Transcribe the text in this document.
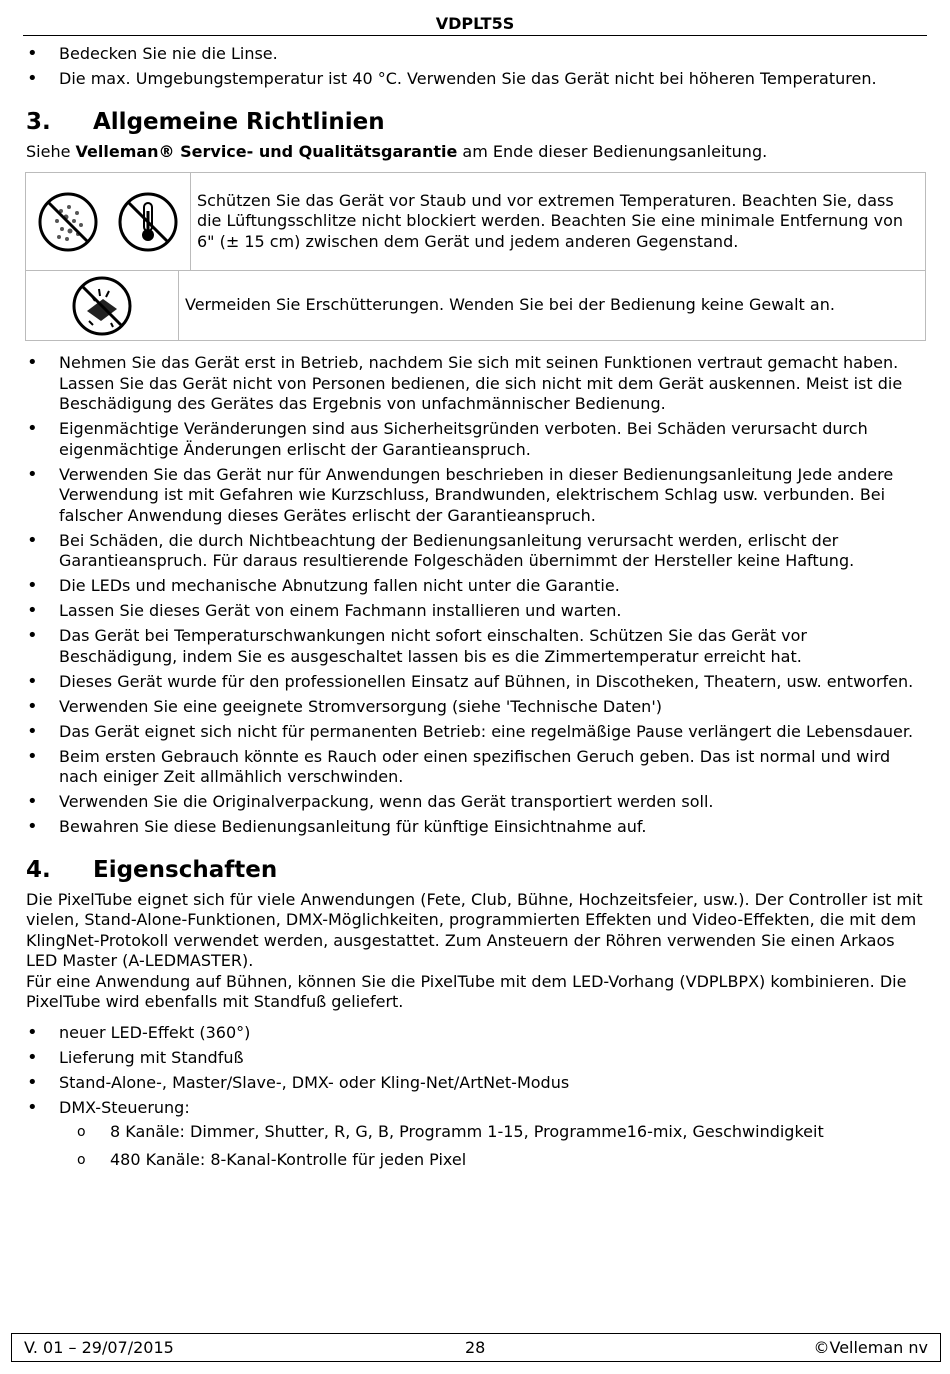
VDPLT5S
• Bedecken Sie nie die Linse.
• Die max. Umgebungstemperatur ist 40 °C. Verwenden Sie das Gerät nicht bei höheren Temperaturen.
3. Allgemeine Richtlinien

Siehe Velleman® Service- und Qualitätsgarantie am Ende dieser Bedienungsanleitung.

	Schützen Sie das Gerät vor Staub und vor extremen Temperaturen. Beachten Sie, dass die Lüftungsschlitze nicht blockiert werden. Beachten Sie eine minimale Entfernung von 6" (± 15 cm) zwischen dem Gerät und jedem anderen Gegenstand.
	Vermeiden Sie Erschütterungen. Wenden Sie bei der Bedienung keine Gewalt an.	
• Nehmen Sie das Gerät erst in Betrieb, nachdem Sie sich mit seinen Funktionen vertraut gemacht haben. Lassen Sie das Gerät nicht von Personen bedienen, die sich nicht mit dem Gerät auskennen. Meist ist die Beschädigung des Gerätes das Ergebnis von unfachmännischer Bedienung.
• Eigenmächtige Veränderungen sind aus Sicherheitsgründen verboten. Bei Schäden verursacht durch eigenmächtige Änderungen erlischt der Garantieanspruch.
• Verwenden Sie das Gerät nur für Anwendungen beschrieben in dieser Bedienungsanleitung Jede andere Verwendung ist mit Gefahren wie Kurzschluss, Brandwunden, elektrischem Schlag usw. verbunden. Bei falscher Anwendung dieses Gerätes erlischt der Garantieanspruch.
• Bei Schäden, die durch Nichtbeachtung der Bedienungsanleitung verursacht werden, erlischt der Garantieanspruch. Für daraus resultierende Folgeschäden übernimmt der Hersteller keine Haftung.
• Die LEDs und mechanische Abnutzung fallen nicht unter die Garantie.
• Lassen Sie dieses Gerät von einem Fachmann installieren und warten.
• Das Gerät bei Temperaturschwankungen nicht sofort einschalten. Schützen Sie das Gerät vor Beschädigung, indem Sie es ausgeschaltet lassen bis es die Zimmertemperatur erreicht hat.
• Dieses Gerät wurde für den professionellen Einsatz auf Bühnen, in Discotheken, Theatern, usw. entworfen.
• Verwenden Sie eine geeignete Stromversorgung (siehe 'Technische Daten')
• Das Gerät eignet sich nicht für permanenten Betrieb: eine regelmäßige Pause verlängert die Lebensdauer.
• Beim ersten Gebrauch könnte es Rauch oder einen spezifischen Geruch geben. Das ist normal und wird nach einiger Zeit allmählich verschwinden.
• Verwenden Sie die Originalverpackung, wenn das Gerät transportiert werden soll.
• Bewahren Sie diese Bedienungsanleitung für künftige Einsichtnahme auf.
4. Eigenschaften

Die PixelTube eignet sich für viele Anwendungen (Fete, Club, Bühne, Hochzeitsfeier, usw.). Der Controller ist mit vielen, Stand-Alone-Funktionen, DMX-Möglichkeiten, programmierten Effekten und Video-Effekten, die mit dem KlingNet-Protokoll verwendet werden, ausgestattet. Zum Ansteuern der Röhren verwenden Sie einen Arkaos LED Master (A-LEDMASTER).

Für eine Anwendung auf Bühnen, können Sie die PixelTube mit dem LED-Vorhang (VDPLBPX) kombinieren. Die PixelTube wird ebenfalls mit Standfuß geliefert.

• neuer LED-Effekt (360°)
• Lieferung mit Standfuß
• Stand-Alone-, Master/Slave-, DMX- oder Kling-Net/ArtNet-Modus
• DMX-Steuerung:
o 8 Kanäle: Dimmer, Shutter, R, G, B, Programm 1-15, Programme16-mix, Geschwindigkeit
o 480 Kanäle: 8-Kanal-Kontrolle für jeden Pixel
V. 01 – 29/07/2015	28	©Velleman nv
